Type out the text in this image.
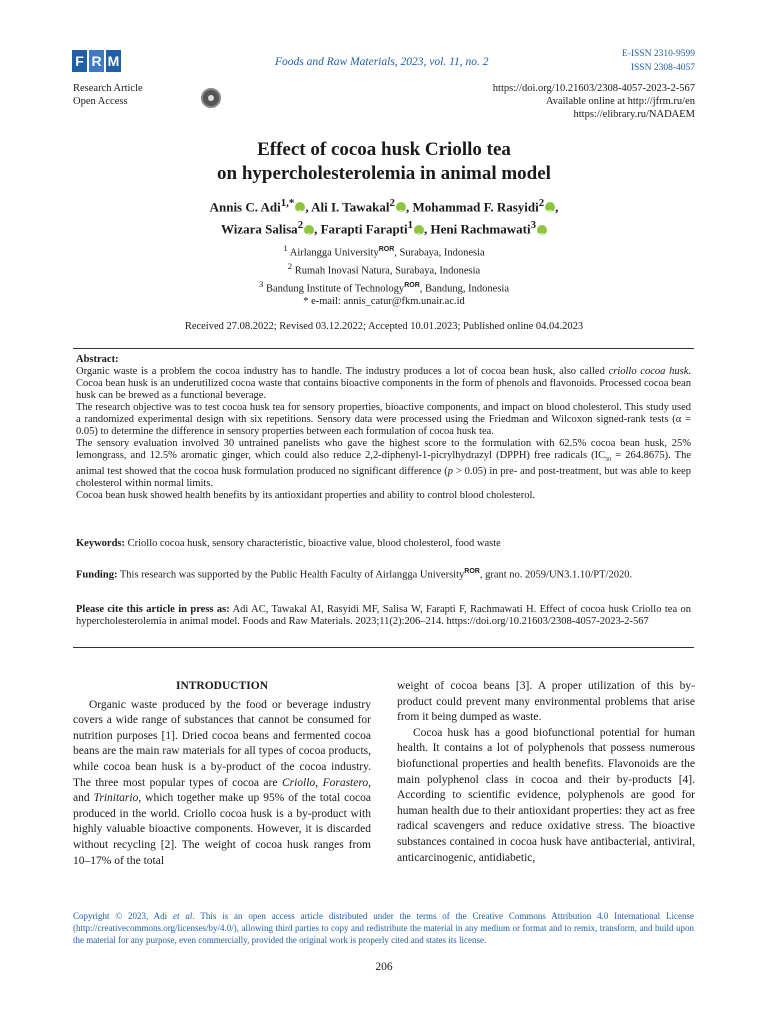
F R M	Foods and Raw Materials, 2023, vol. 11, no. 2
E-ISSN 2310-9599
ISSN 2308-4057
Research Article
Open Access
https://doi.org/10.21603/2308-4057-2023-2-567
Available online at http://jfrm.ru/en
https://elibrary.ru/NADAEM
Effect of cocoa husk Criollo tea
on hypercholesterolemia in animal model
Annis C. Adi$^{1,*}$ iD , Ali I. Tawakal$^2$ iD , Mohammad F. Rasyidi$^2$ iD ,
Wizara Salisa$^2$ iD , Farapti Farapti$^1$ iD , Heni Rachmawati$^3$iD
$^1$ Airlangga University$^{ROR}$, Surabaya, Indonesia
$^2$ Rumah Inovasi Natura, Surabaya, Indonesia
$^3$ Bandung Institute of Technology$^{ROR}$, Bandung, Indonesia
* e-mail: annis_catur@fkm.unair.ac.id
Received 27.08.2022; Revised 03.12.2022; Accepted 10.01.2023; Published online 04.04.2023

Abstract:

Organic waste is a problem the cocoa industry has to handle. The industry produces a lot of cocoa bean husk, also called criollo cocoa husk. Cocoa bean husk is an underutilized cocoa waste that contains bioactive components in the form of phenols and flavonoids. Processed cocoa bean husk can be brewed as a functional beverage.

The research objective was to test cocoa husk tea for sensory properties, bioactive components, and impact on blood cholesterol. This study used a randomized experimental design with six repetitions. Sensory data were processed using the Friedman and Wilcoxon signed-rank tests (α = 0.05) to determine the difference in sensory properties between each formulation of cocoa husk tea.

The sensory evaluation involved 30 untrained panelists who gave the highest score to the formulation with 62.5% cocoa bean husk, 25% lemongrass, and 12.5% aromatic ginger, which could also reduce 2,2-diphenyl-1-picrylhydrazyl (DPPH) free radicals $(IC_{50} = 264.8675)$. The animal test showed that the cocoa husk formulation produced no significant difference (p > 0.05) in pre- and post-treatment, but was able to keep cholesterol within normal limits.

Cocoa bean husk showed health benefits by its antioxidant properties and ability to control blood cholesterol.

Keywords: Criollo cocoa husk, sensory characteristic, bioactive value, blood cholesterol, food waste

Funding: This research was supported by the Public Health Faculty of Airlangga University$^{ROR}$, grant no. 2059/UN3.1.10/PT/2020.

Please cite this article in press as: Adi AC, Tawakal AI, Rasyidi MF, Salisa W, Farapti F, Rachmawati H. Effect of cocoa husk Criollo tea on hypercholesterolemia in animal model. Foods and Raw Materials. 2023;11(2):206–214. https://doi.org/10.21603/2308-4057-2023-2-567

INTRODUCTION

Organic waste produced by the food or beverage industry covers a wide range of substances that cannot be consumed for nutrition purposes [1]. Dried cocoa beans and fermented cocoa beans are the main raw materials for all types of cocoa products, while cocoa bean husk is a by-product of the cocoa industry. The three most popular types of cocoa are Criollo, Forastero, and Trinitario, which together make up 95% of the total cocoa produced in the world. Criollo cocoa husk is a by-product with highly valuable bioactive components. However, it is discarded without recycling [2]. The weight of cocoa husk ranges from 10–17% of the total

weight of cocoa beans [3]. A proper utilization of this by-product could prevent many environmental problems that arise from it being dumped as waste.

Cocoa husk has a good biofunctional potential for human health. It contains a lot of polyphenols that possess numerous biofunctional properties and health benefits. Flavonoids are the main polyphenol class in cocoa and their by-products [4]. According to scientific evidence, polyphenols are good for human health due to their antioxidant properties: they act as free radical scavengers and reduce oxidative stress. The bioactive substances contained in cocoa husk have antibacterial, antiviral, anticarcinogenic, antidiabetic,

Copyright © 2023, Adi et al. This is an open access article distributed under the terms of the Creative Commons Attribution 4.0 International License (http://creativecommons.org/licenses/by/4.0/), allowing third parties to copy and redistribute the material in any medium or format and to remix, transform, and build upon the material for any purpose, even commercially, provided the original work is properly cited and states its license.
206
